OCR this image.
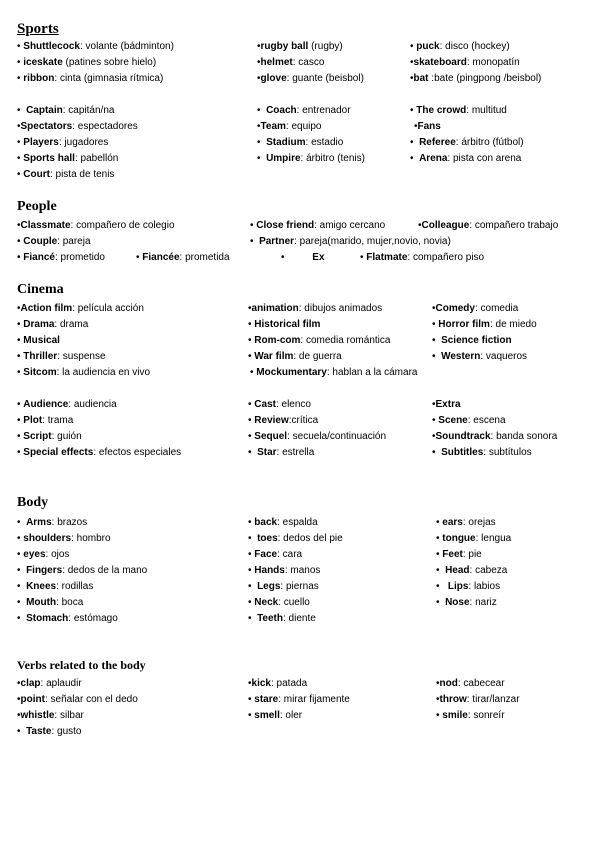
Sports
People
Cinema
Body
Verbs related to the body
• Shuttlecock: volante (bádminton)	•rugby ball (rugby)	• puck: disco (hockey)
• iceskate (patines sobre hielo)	•helmet: casco	•skateboard: monopatín
• ribbon: cinta (gimnasia rítmica)	•glove: guante (beisbol)	•bat :bate (pingpong /beisbol)
•  Captain: capitán/na	•  Coach: entrenador	• The crowd: multitud
•Spectators: espectadores	•Team: equipo	•Fans
• Players: jugadores	•  Stadium: estadio	•  Referee: árbitro (fútbol)
• Sports hall: pabellón	•  Umpire: árbitro (tenis)	•  Arena: pista con arena
• Court: pista de tenis
•Classmate: compañero de colegio	• Close friend: amigo cercano	•Colleague: compañero trabajo
• Couple: pareja	•  Partner: pareja(marido, mujer,novio, novia)
• Fiancé: prometido	• Fiancée: prometida	•          Ex	• Flatmate: compañero piso
•Action film: película acción	•animation: dibujos animados	•Comedy: comedia
• Drama: drama	• Historical film	• Horror film: de miedo
• Musical	• Rom-com: comedia romántica	•  Science fiction
• Thriller: suspense	• War film: de guerra	•  Western: vaqueros
• Sitcom: la audiencia en vivo	• Mockumentary: hablan a la cámara
• Audience: audiencia	• Cast: elenco	•Extra
• Plot: trama	• Review:crítica	• Scene: escena
• Script: guión	• Sequel: secuela/continuación	•Soundtrack: banda sonora
• Special effects: efectos especiales	•  Star: estrella	•  Subtitles: subtítulos
•  Arms: brazos	• back: espalda	• ears: orejas
• shoulders: hombro	•  toes: dedos del pie	• tongue: lengua
• eyes: ojos	• Face: cara	• Feet: pie
•  Fingers: dedos de la mano	• Hands: manos	•  Head: cabeza
•  Knees: rodillas	•  Legs: piernas	•   Lips: labios
•  Mouth: boca	• Neck: cuello	•  Nose: nariz
•  Stomach: estómago	•  Teeth: diente
•clap: aplaudir	•kick: patada	•nod: cabecear
•point: señalar con el dedo	• stare: mirar fijamente	•throw: tirar/lanzar
•whistle: silbar	• smell: oler	• smile: sonreír
•  Taste: gusto
